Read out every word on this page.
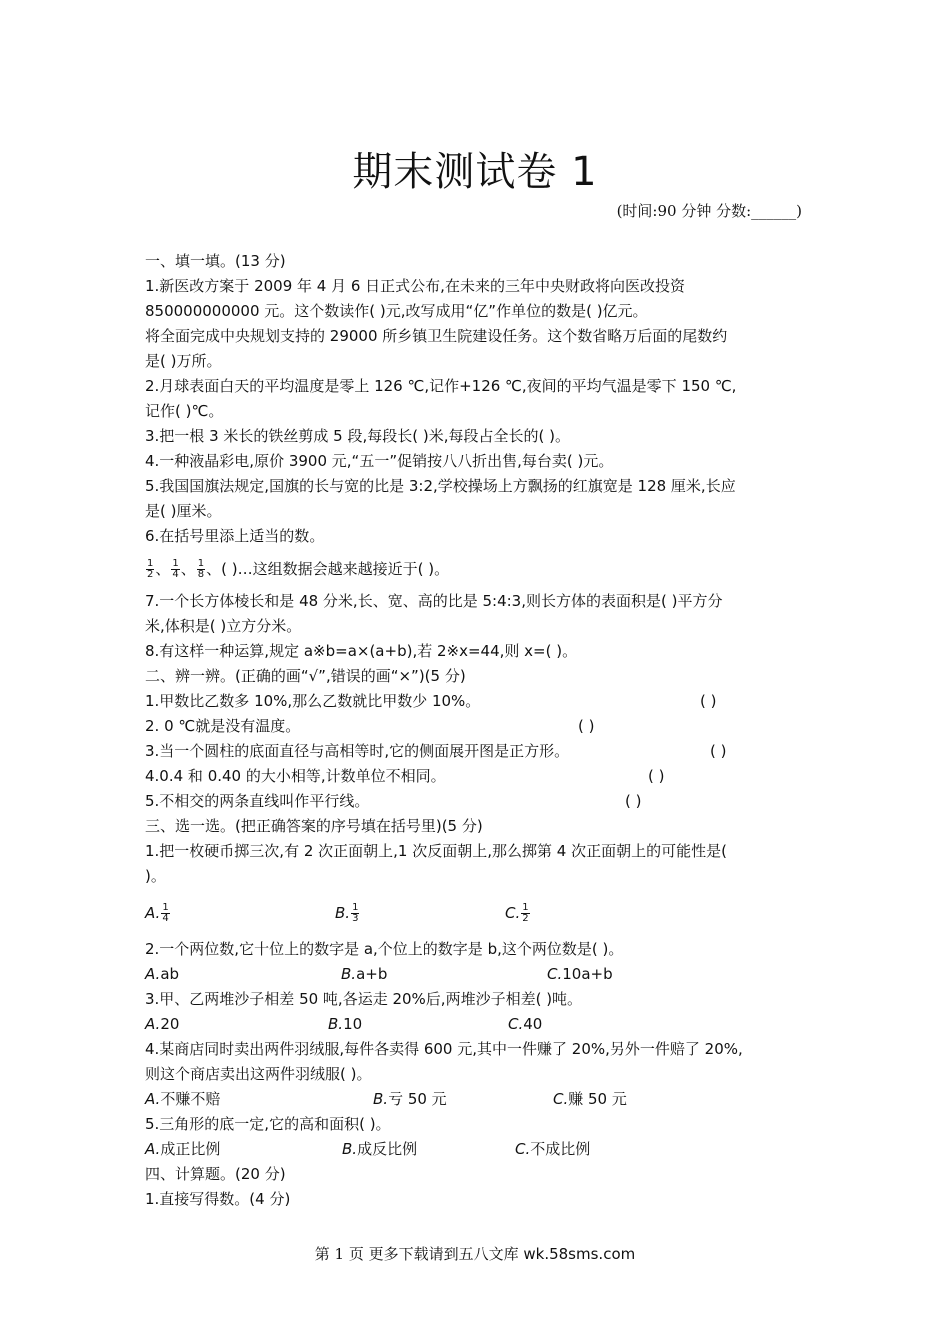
期末测试卷 1
(时间:90 分钟 分数:______)
一、填一填。(13 分)
1.新医改方案于 2009 年 4 月 6 日正式公布,在未来的三年中央财政将向医改投资
850000000000 元。这个数读作( )元,改写成用“亿”作单位的数是( )亿元。
将全面完成中央规划支持的 29000 所乡镇卫生院建设任务。这个数省略万后面的尾数约
是( )万所。
2.月球表面白天的平均温度是零上 126 ℃,记作+126 ℃,夜间的平均气温是零下 150 ℃,
记作( )℃。
3.把一根 3 米长的铁丝剪成 5 段,每段长( )米,每段占全长的( )。
4.一种液晶彩电,原价 3900 元,“五一”促销按八八折出售,每台卖( )元。
5.我国国旗法规定,国旗的长与宽的比是 3:2,学校操场上方飘扬的红旗宽是 128 厘米,长应
是( )厘米。
6.在括号里添上适当的数。
$\frac{1}{2}$ 、 $\frac{1}{4}$ 、 $\frac{1}{8}$ 、( )…这组数据会越来越接近于( )。
7.一个长方体棱长和是 48 分米,长、宽、高的比是 5:4:3,则长方体的表面积是( )平方分
米,体积是( )立方分米。
8.有这样一种运算,规定 a※b=a×(a+b),若 2※x=44,则 x=( )。
二、辨一辨。(正确的画“√”,错误的画“×”)(5 分)
1.甲数比乙数多 10%,那么乙数就比甲数少 10%。	( )
2. 0 ℃就是没有温度。	( )
3.当一个圆柱的底面直径与高相等时,它的侧面展开图是正方形。	( )
4.0.4 和 0.40 的大小相等,计数单位不相同。	( )
5.不相交的两条直线叫作平行线。	( )
三、选一选。(把正确答案的序号填在括号里)(5 分)
1.把一枚硬币掷三次,有 2 次正面朝上,1 次反面朝上,那么掷第 4 次正面朝上的可能性是(
)。
A. $\frac{1}{4}$	B. $\frac{1}{3}$	C. $\frac{1}{2}$
2.一个两位数,它十位上的数字是 a,个位上的数字是 b,这个两位数是( )。
A.ab	B.a+b	C.10a+b
3.甲、乙两堆沙子相差 50 吨,各运走 20%后,两堆沙子相差( )吨。
A.20	B.10	C.40
4.某商店同时卖出两件羽绒服,每件各卖得 600 元,其中一件赚了 20%,另外一件赔了 20%,
则这个商店卖出这两件羽绒服( )。
A.不赚不赔	B.亏 50 元	C.赚 50 元
5.三角形的底一定,它的高和面积( )。
A.成正比例	B.成反比例	C.不成比例
四、计算题。(20 分)
1.直接写得数。(4 分)
第 1 页 更多下载请到五八文库 wk.58sms.com
